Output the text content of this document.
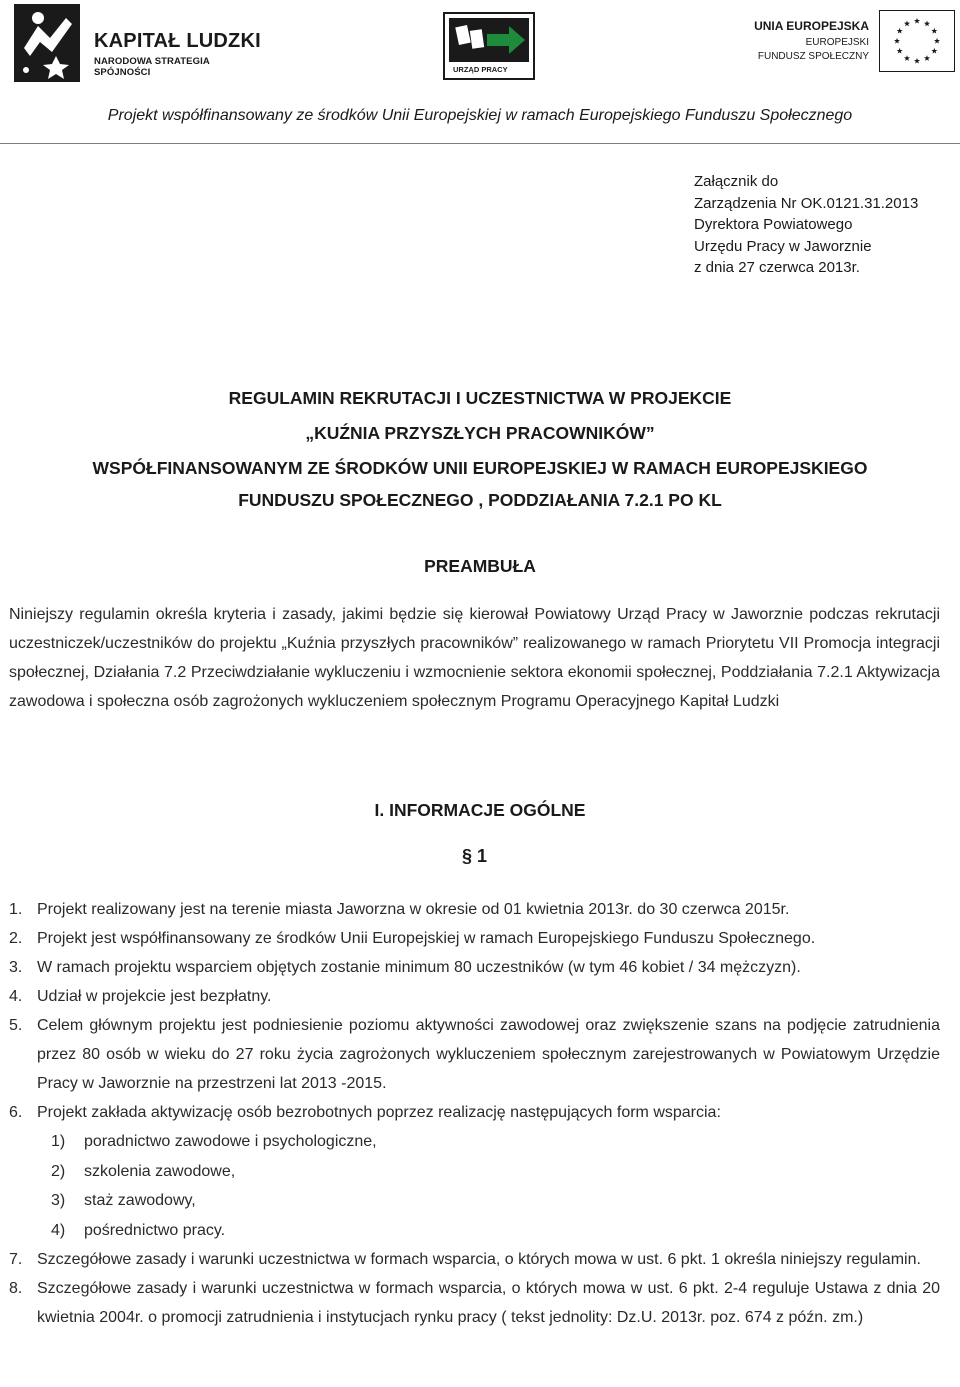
KAPITAŁ LUDZKI
NARODOWA STRATEGIA SPÓJNOŚCI	URZĄD PRACY
UNIA EUROPEJSKA
EUROPEJSKI
FUNDUSZ SPOŁECZNY
Projekt współfinansowany ze środków Unii Europejskiej w ramach Europejskiego Funduszu Społecznego
Załącznik do
Zarządzenia Nr OK.0121.31.2013
Dyrektora Powiatowego
Urzędu Pracy w Jaworznie
z dnia 27 czerwca 2013r.
REGULAMIN REKRUTACJI I UCZESTNICTWA W PROJEKCIE
„KUŹNIA PRZYSZŁYCH PRACOWNIKÓW”
WSPÓŁFINANSOWANYM ZE ŚRODKÓW UNII EUROPEJSKIEJ W RAMACH EUROPEJSKIEGO
FUNDUSZU SPOŁECZNEGO , PODDZIAŁANIA 7.2.1 PO KL
PREAMBUŁA
Niniejszy regulamin określa kryteria i zasady, jakimi będzie się kierował Powiatowy Urząd Pracy w Jaworznie podczas rekrutacji uczestniczek/uczestników do projektu „Kuźnia przyszłych pracowników” realizowanego w ramach Priorytetu VII Promocja integracji społecznej, Działania 7.2 Przeciwdziałanie wykluczeniu i wzmocnienie sektora ekonomii społecznej, Poddziałania 7.2.1 Aktywizacja zawodowa i społeczna osób zagrożonych wykluczeniem społecznym Programu Operacyjnego Kapitał Ludzki
I. INFORMACJE OGÓLNE
§ 1
1. Projekt realizowany jest na terenie miasta Jaworzna w okresie od 01 kwietnia 2013r. do 30 czerwca 2015r.
2. Projekt jest współfinansowany ze środków Unii Europejskiej w ramach Europejskiego Funduszu Społecznego.
3. W ramach projektu wsparciem objętych zostanie minimum 80 uczestników (w tym 46 kobiet / 34 mężczyzn).
4. Udział w projekcie jest bezpłatny.
5. Celem głównym projektu jest podniesienie poziomu aktywności zawodowej oraz zwiększenie szans na podjęcie zatrudnienia przez 80 osób w wieku do 27 roku życia zagrożonych wykluczeniem społecznym zarejestrowanych w Powiatowym Urzędzie Pracy w Jaworznie na przestrzeni lat 2013 -2015.
6. Projekt zakłada aktywizację osób bezrobotnych poprzez realizację następujących form wsparcia:
1)	poradnictwo zawodowe i psychologiczne,
2)	szkolenia zawodowe,
3)	staż zawodowy,
4)	pośrednictwo pracy.
7. Szczegółowe zasady i warunki uczestnictwa w formach wsparcia, o których mowa w ust. 6 pkt. 1 określa niniejszy regulamin.
8. Szczegółowe zasady i warunki uczestnictwa w formach wsparcia, o których mowa w ust. 6 pkt. 2-4 reguluje Ustawa z dnia 20 kwietnia 2004r. o promocji zatrudnienia i instytucjach rynku pracy ( tekst jednolity: Dz.U. 2013r. poz. 674 z późn. zm.)
